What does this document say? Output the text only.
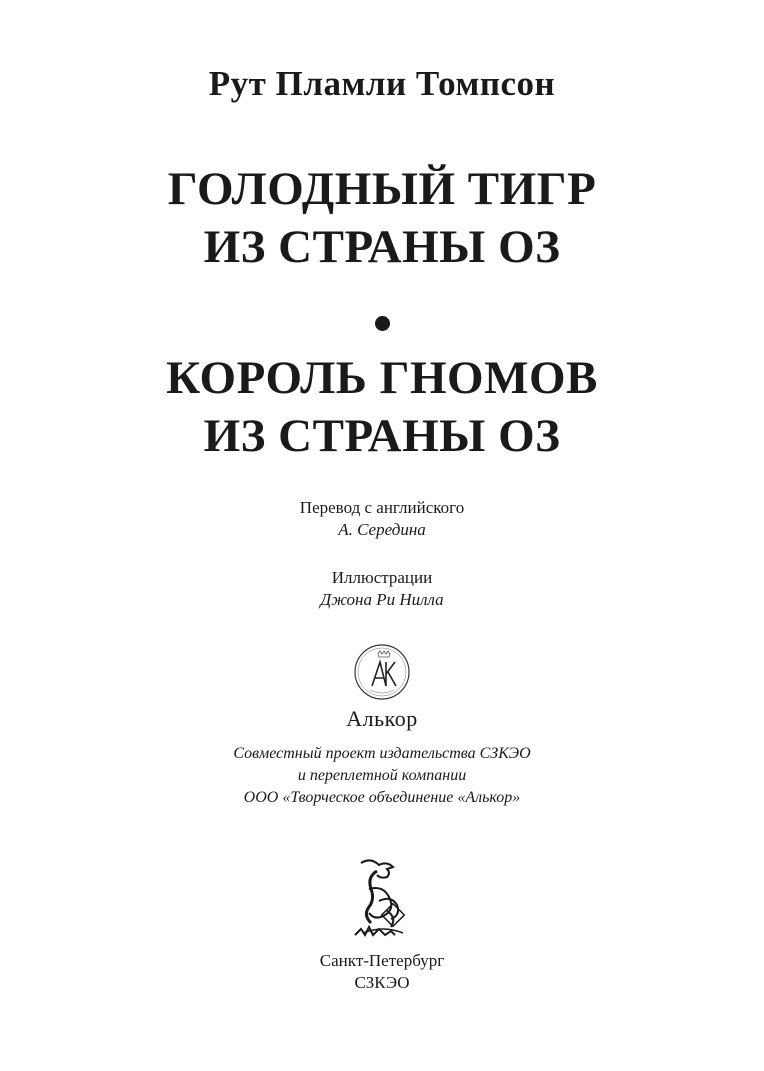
Рут Пламли Томпсон
ГОЛОДНЫЙ ТИГР
ИЗ СТРАНЫ ОЗ
КОРОЛЬ ГНОМОВ
ИЗ СТРАНЫ ОЗ
Перевод с английского
А. Середина
Иллюстрации
Джона Ри Нилла
Алькор
Совместный проект издательства СЗКЭО
и переплетной компании
ООО «Творческое объединение «Алькор»
Санкт-Петербург
СЗКЭО
